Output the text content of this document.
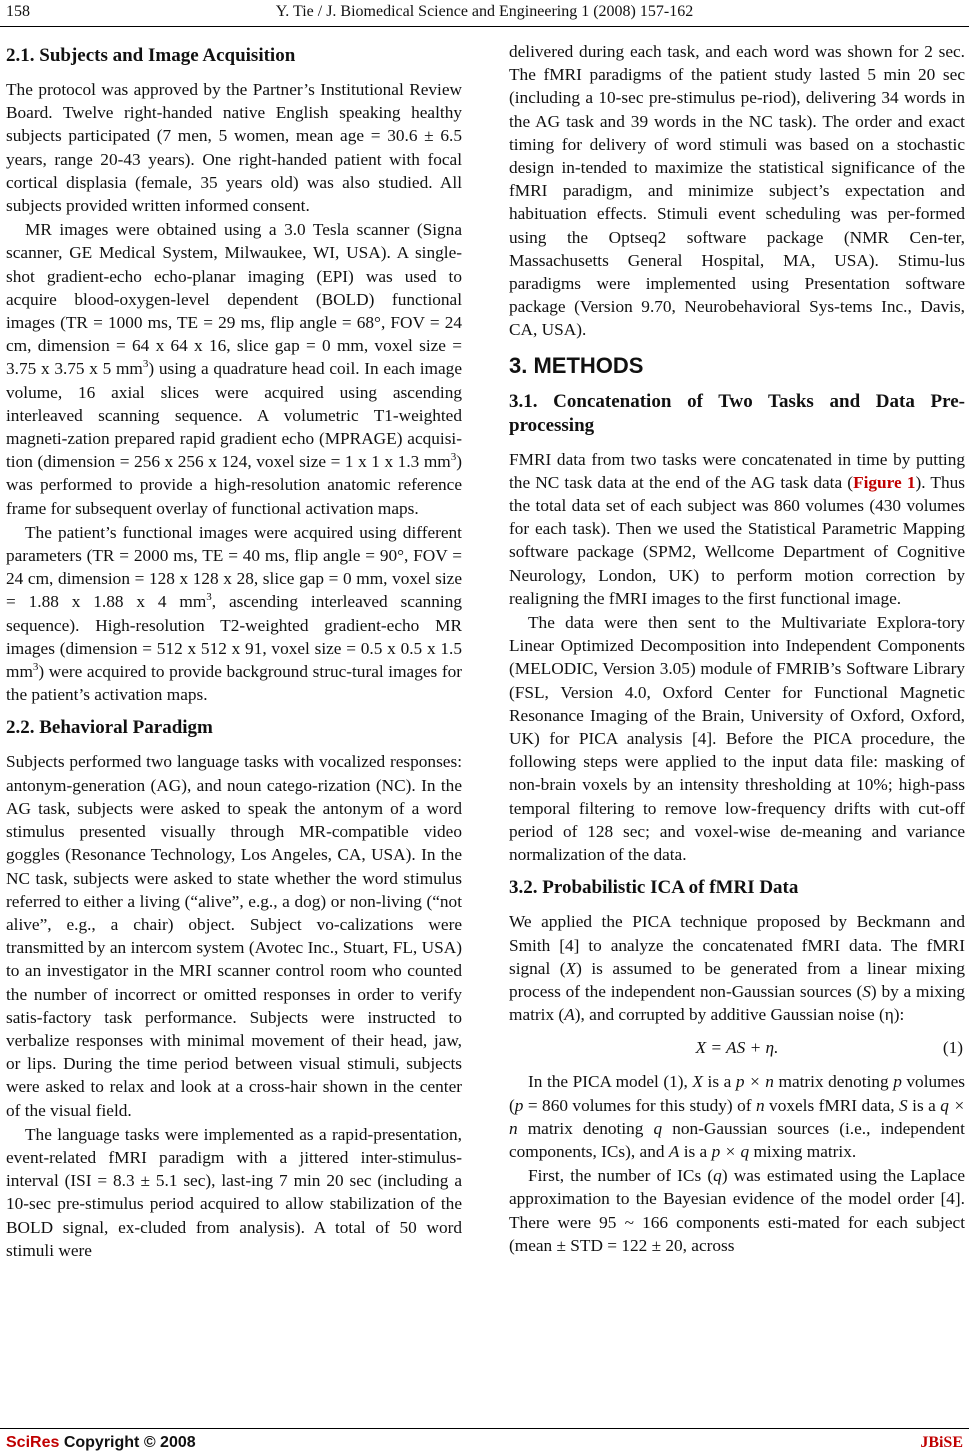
158	Y. Tie / J. Biomedical Science and Engineering 1 (2008) 157-162
2.1. Subjects and Image Acquisition

The protocol was approved by the Partner’s Institutional Review Board. Twelve right-handed native English speaking healthy subjects participated (7 men, 5 women, mean age = 30.6 ± 6.5 years, range 20-43 years). One right-handed patient with focal cortical displasia (female, 35 years old) was also studied. All subjects provided written informed consent.

MR images were obtained using a 3.0 Tesla scanner (Signa scanner, GE Medical System, Milwaukee, WI, USA). A single-shot gradient-echo echo-planar imaging (EPI) was used to acquire blood-oxygen-level dependent (BOLD) functional images (TR = 1000 ms, TE = 29 ms, flip angle = 68°, FOV = 24 cm, dimension = 64 x 64 x 16, slice gap = 0 mm, voxel size = 3.75 x 3.75 x 5 $mm^3$) using a quadrature head coil. In each image volume, 16 axial slices were acquired using ascending interleaved scanning sequence. A volumetric T1-weighted magneti-zation prepared rapid gradient echo (MPRAGE) acquisi-tion (dimension = 256 x 256 x 124, voxel size = 1 x 1 x 1.3 $mm^3$) was performed to provide a high-resolution anatomic reference frame for subsequent overlay of functional activation maps.

The patient’s functional images were acquired using different parameters (TR = 2000 ms, TE = 40 ms, flip angle = 90°, FOV = 24 cm, dimension = 128 x 128 x 28, slice gap = 0 mm, voxel size = 1.88 x 1.88 x 4 $mm^3$, ascending interleaved scanning sequence). High-resolution T2-weighted gradient-echo MR images (dimension = 512 x 512 x 91, voxel size = 0.5 x 0.5 x 1.5 $mm^3$) were acquired to provide background struc-tural images for the patient’s activation maps.

2.2. Behavioral Paradigm

Subjects performed two language tasks with vocalized responses: antonym-generation (AG), and noun catego-rization (NC). In the AG task, subjects were asked to speak the antonym of a word stimulus presented visually through MR-compatible video goggles (Resonance Technology, Los Angeles, CA, USA). In the NC task, subjects were asked to state whether the word stimulus referred to either a living (“alive”, e.g., a dog) or non-living (“not alive”, e.g., a chair) object. Subject vo-calizations were transmitted by an intercom system (Avotec Inc., Stuart, FL, USA) to an investigator in the MRI scanner control room who counted the number of incorrect or omitted responses in order to verify satis-factory task performance. Subjects were instructed to verbalize responses with minimal movement of their head, jaw, or lips. During the time period between visual stimuli, subjects were asked to relax and look at a cross-hair shown in the center of the visual field.

The language tasks were implemented as a rapid-presentation, event-related fMRI paradigm with a jittered inter-stimulus-interval (ISI = 8.3 ± 5.1 sec), last-ing 7 min 20 sec (including a 10-sec pre-stimulus period acquired to allow stabilization of the BOLD signal, ex-cluded from analysis). A total of 50 word stimuli were

delivered during each task, and each word was shown for 2 sec. The fMRI paradigms of the patient study lasted 5 min 20 sec (including a 10-sec pre-stimulus pe-riod), delivering 34 words in the AG task and 39 words in the NC task). The order and exact timing for delivery of word stimuli was based on a stochastic design in-tended to maximize the statistical significance of the fMRI paradigm, and minimize subject’s expectation and habituation effects. Stimuli event scheduling was per-formed using the Optseq2 software package (NMR Cen-ter, Massachusetts General Hospital, MA, USA). Stimu-lus paradigms were implemented using Presentation software package (Version 9.70, Neurobehavioral Sys-tems Inc., Davis, CA, USA).

3. METHODS
3.1. Concatenation of Two Tasks and Data Pre-processing

FMRI data from two tasks were concatenated in time by putting the NC task data at the end of the AG task data (Figure 1). Thus the total data set of each subject was 860 volumes (430 volumes for each task). Then we used the Statistical Parametric Mapping software package (SPM2, Wellcome Department of Cognitive Neurology, London, UK) to perform motion correction by realigning the fMRI images to the first functional image.

The data were then sent to the Multivariate Explora-tory Linear Optimized Decomposition into Independent Components (MELODIC, Version 3.05) module of FMRIB’s Software Library (FSL, Version 4.0, Oxford Center for Functional Magnetic Resonance Imaging of the Brain, University of Oxford, Oxford, UK) for PICA analysis [4]. Before the PICA procedure, the following steps were applied to the input data file: masking of non-brain voxels by an intensity thresholding at 10%; high-pass temporal filtering to remove low-frequency drifts with cut-off period of 128 sec; and voxel-wise de-meaning and variance normalization of the data.

3.2. Probabilistic ICA of fMRI Data

We applied the PICA technique proposed by Beckmann and Smith [4] to analyze the concatenated fMRI data. The fMRI signal (X) is assumed to be generated from a linear mixing process of the independent non-Gaussian sources (S) by a mixing matrix (A), and corrupted by additive Gaussian noise (η):

X = AS + η.	(1)

In the PICA model (1), X is a p × n matrix denoting p volumes (p = 860 volumes for this study) of n voxels fMRI data, S is a q × n matrix denoting q non-Gaussian sources (i.e., independent components, ICs), and A is a p × q mixing matrix.

First, the number of ICs (q) was estimated using the Laplace approximation to the Bayesian evidence of the model order [4]. There were 95 ~ 166 components esti-mated for each subject (mean ± STD = 122 ± 20, across

SciRes Copyright © 2008	JBiSE
